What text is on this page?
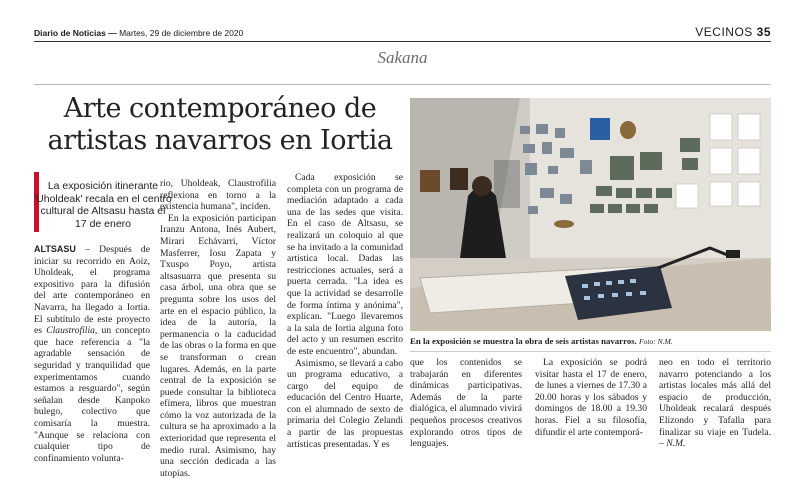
Diario de Noticias — Martes, 29 de diciembre de 2020	VECINOS 35
Sakana
Arte contemporáneo de artistas navarros en Iortia
La exposición itinerante 'Uholdeak' recala en el centro cultural de Altsasu hasta el 17 de enero

ALTSASU – Después de iniciar su recorrido en Aoiz, Uholdeak, el programa expositivo para la difusión del arte contemporáneo en Navarra, ha llegado a Iortia. El subtítulo de este proyecto es Claustrofilia, un concepto que hace referencia a "la agradable sensación de seguridad y tranquilidad que experimentamos cuando estamos a resguardo", según señalan desde Kanpoko bulego, colectivo que comisaría la muestra. "Aunque se relaciona con cualquier tipo de confinamiento volunta-

rio, Uholdeak, Claustrofilia reflexiona en torno a la existencia humana", inciden.

En la exposición participan Iranzu Antona, Inés Aubert, Mirari Echávarri, Víctor Masferrer, Iosu Zapata y Txuspo Poyo, artista altsasuarra que presenta su casa árbol, una obra que se pregunta sobre los usos del arte en el espacio público, la idea de la autoría, la permanencia o la caducidad de las obras o la forma en que se transforman o crean lugares. Además, en la parte central de la exposición se puede consultar la biblioteca efímera, libros que muestran cómo la voz autorizada de la cultura se ha aproximado a la exterioridad que representa el medio rural. Asimismo, hay una sección dedicada a las utopías.

Cada exposición se completa con un programa de mediación adaptado a cada una de las sedes que visita. En el caso de Altsasu, se realizará un coloquio al que se ha invitado a la comunidad artística local. Dadas las restricciones actuales, será a puerta cerrada. "La idea es que la actividad se desarrolle de forma íntima y anónima", explican. "Luego llevaremos a la sala de Iortia alguna foto del acto y un resumen escrito de este encuentro", abundan.

Asimismo, se llevará a cabo un programa educativo, a cargo del equipo de educación del Centro Huarte, con el alumnado de sexto de primaria del Colegio Zelandi a partir de las propuestas artísticas presentadas. Y es

En la exposición se muestra la obra de seis artistas navarros. Foto: N.M.

que los contenidos se trabajarán en diferentes dinámicas participativas. Además de la parte dialógica, el alumnado vivirá pequeños procesos creativos explorando otros tipos de lenguajes.

La exposición se podrá visitar hasta el 17 de enero, de lunes a viernes de 17.30 a 20.00 horas y los sábados y domingos de 18.00 a 19.30 horas. Fiel a su filosofía, difundir el arte contemporá-

neo en todo el territorio navarro potenciando a los artistas locales más allá del espacio de producción, Uholdeak recalará después Elizondo y Tafalla para finalizar su viaje en Tudela. – N.M.
